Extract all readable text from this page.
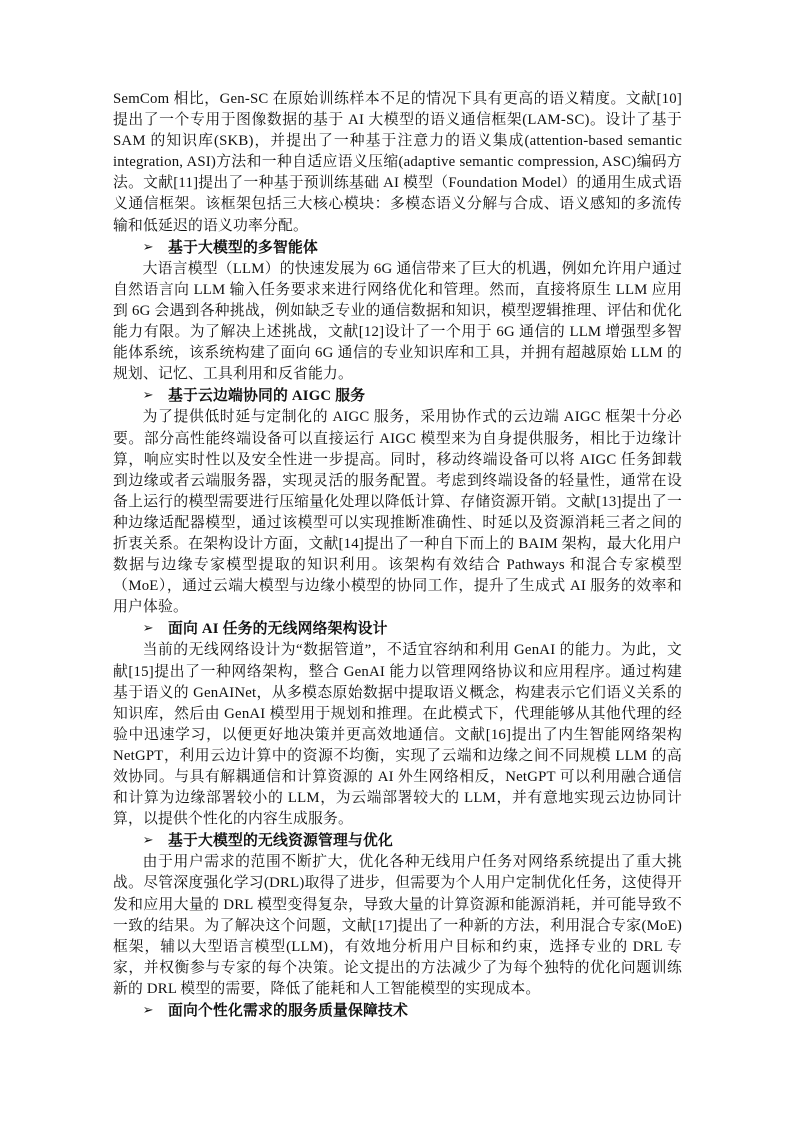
SemCom 相比，Gen-SC 在原始训练样本不足的情况下具有更高的语义精度。文献[10]提出了一个专用于图像数据的基于 AI 大模型的语义通信框架(LAM-SC)。设计了基于 SAM 的知识库(SKB)，并提出了一种基于注意力的语义集成(attention-based semantic integration, ASI)方法和一种自适应语义压缩(adaptive semantic compression, ASC)编码方法。文献[11]提出了一种基于预训练基础 AI 模型（Foundation Model）的通用生成式语义通信框架。该框架包括三大核心模块：多模态语义分解与合成、语义感知的多流传输和低延迟的语义功率分配。

➢ 基于大模型的多智能体

大语言模型（LLM）的快速发展为 6G 通信带来了巨大的机遇，例如允许用户通过自然语言向 LLM 输入任务要求来进行网络优化和管理。然而，直接将原生 LLM 应用到 6G 会遇到各种挑战，例如缺乏专业的通信数据和知识，模型逻辑推理、评估和优化能力有限。为了解决上述挑战，文献[12]设计了一个用于 6G 通信的 LLM 增强型多智能体系统，该系统构建了面向 6G 通信的专业知识库和工具，并拥有超越原始 LLM 的规划、记忆、工具利用和反省能力。

➢ 基于云边端协同的 AIGC 服务

为了提供低时延与定制化的 AIGC 服务，采用协作式的云边端 AIGC 框架十分必要。部分高性能终端设备可以直接运行 AIGC 模型来为自身提供服务，相比于边缘计算，响应实时性以及安全性进一步提高。同时，移动终端设备可以将 AIGC 任务卸载到边缘或者云端服务器，实现灵活的服务配置。考虑到终端设备的轻量性，通常在设备上运行的模型需要进行压缩量化处理以降低计算、存储资源开销。文献[13]提出了一种边缘适配器模型，通过该模型可以实现推断准确性、时延以及资源消耗三者之间的折衷关系。在架构设计方面，文献[14]提出了一种自下而上的 BAIM 架构，最大化用户数据与边缘专家模型提取的知识利用。该架构有效结合 Pathways 和混合专家模型（MoE），通过云端大模型与边缘小模型的协同工作，提升了生成式 AI 服务的效率和用户体验。

➢ 面向 AI 任务的无线网络架构设计

当前的无线网络设计为“数据管道”，不适宜容纳和利用 GenAI 的能力。为此，文献[15]提出了一种网络架构，整合 GenAI 能力以管理网络协议和应用程序。通过构建基于语义的 GenAINet，从多模态原始数据中提取语义概念，构建表示它们语义关系的知识库，然后由 GenAI 模型用于规划和推理。在此模式下，代理能够从其他代理的经验中迅速学习，以便更好地决策并更高效地通信。文献[16]提出了内生智能网络架构 NetGPT，利用云边计算中的资源不均衡，实现了云端和边缘之间不同规模 LLM 的高效协同。与具有解耦通信和计算资源的 AI 外生网络相反，NetGPT 可以利用融合通信和计算为边缘部署较小的 LLM，为云端部署较大的 LLM，并有意地实现云边协同计算，以提供个性化的内容生成服务。

➢ 基于大模型的无线资源管理与优化

由于用户需求的范围不断扩大，优化各种无线用户任务对网络系统提出了重大挑战。尽管深度强化学习(DRL)取得了进步，但需要为个人用户定制优化任务，这使得开发和应用大量的 DRL 模型变得复杂，导致大量的计算资源和能源消耗，并可能导致不一致的结果。为了解决这个问题，文献[17]提出了一种新的方法，利用混合专家(MoE)框架，辅以大型语言模型(LLM)，有效地分析用户目标和约束，选择专业的 DRL 专家，并权衡参与专家的每个决策。论文提出的方法减少了为每个独特的优化问题训练新的 DRL 模型的需要，降低了能耗和人工智能模型的实现成本。

➢ 面向个性化需求的服务质量保障技术
